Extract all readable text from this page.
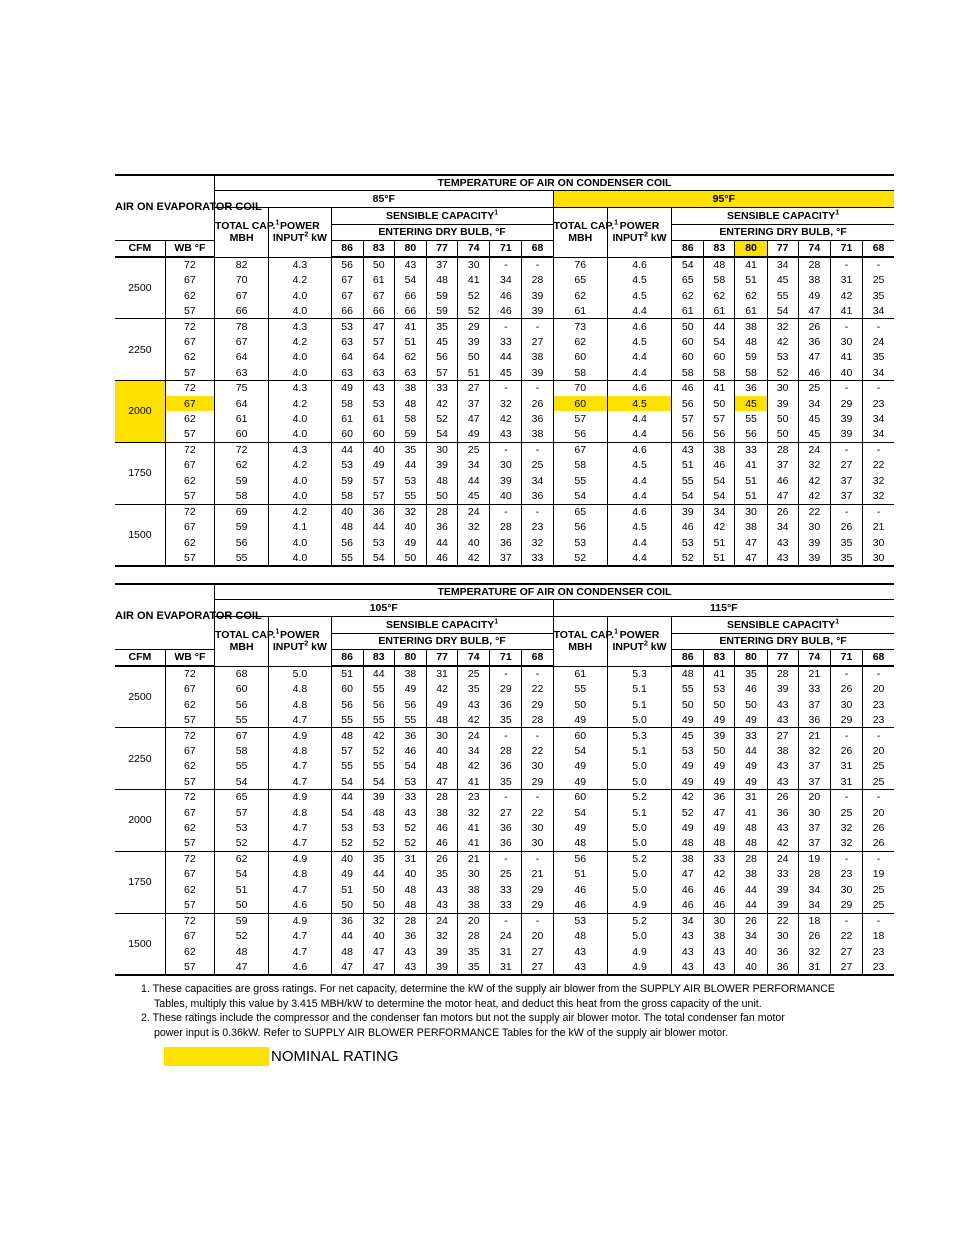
AIR ON EVAPORATOR COIL		TEMPERATURE OF AIR ON CONDENSER COIL																	
		85°F									95°F								
		TOTAL CAP.$^1$
MBH	POWER
INPUT$^2$ kW	SENSIBLE CAPACITY$^1$							TOTAL CAP.$^1$
MBH	POWER
INPUT$^2$ kW	SENSIBLE CAPACITY$^1$
				ENTERING DRY BULB, °F									ENTERING DRY BULB, °F						
CFM	WB °F			86	83	80	77	74	71	68			86	83	80	77	74	71	68
2500	72	82	4.3	56	50	43	37	30	-	-	76	4.6	54	48	41	34	28	-	-
	67	70	4.2	67	61	54	48	41	34	28	65	4.5	65	58	51	45	38	31	25
	62	67	4.0	67	67	66	59	52	46	39	62	4.5	62	62	62	55	49	42	35
	57	66	4.0	66	66	66	59	52	46	39	61	4.4	61	61	61	54	47	41	34
2250	72	78	4.3	53	47	41	35	29	-	-	73	4.6	50	44	38	32	26	-	-
	67	67	4.2	63	57	51	45	39	33	27	62	4.5	60	54	48	42	36	30	24
	62	64	4.0	64	64	62	56	50	44	38	60	4.4	60	60	59	53	47	41	35
	57	63	4.0	63	63	63	57	51	45	39	58	4.4	58	58	58	52	46	40	34
2000	72	75	4.3	49	43	38	33	27	-	-	70	4.6	46	41	36	30	25	-	-
	67	64	4.2	58	53	48	42	37	32	26	60	4.5	56	50	45	39	34	29	23
	62	61	4.0	61	61	58	52	47	42	36	57	4.4	57	57	55	50	45	39	34
	57	60	4.0	60	60	59	54	49	43	38	56	4.4	56	56	56	50	45	39	34
1750	72	72	4.3	44	40	35	30	25	-	-	67	4.6	43	38	33	28	24	-	-
	67	62	4.2	53	49	44	39	34	30	25	58	4.5	51	46	41	37	32	27	22
	62	59	4.0	59	57	53	48	44	39	34	55	4.4	55	54	51	46	42	37	32
	57	58	4.0	58	57	55	50	45	40	36	54	4.4	54	54	51	47	42	37	32
1500	72	69	4.2	40	36	32	28	24	-	-	65	4.6	39	34	30	26	22	-	-
	67	59	4.1	48	44	40	36	32	28	23	56	4.5	46	42	38	34	30	26	21
	62	56	4.0	56	53	49	44	40	36	32	53	4.4	53	51	47	43	39	35	30
	57	55	4.0	55	54	50	46	42	37	33	52	4.4	52	51	47	43	39	35	30
AIR ON EVAPORATOR COIL		TEMPERATURE OF AIR ON CONDENSER COIL																	
		105°F									115°F								
		TOTAL CAP.$^1$
MBH	POWER
INPUT$^2$ kW	SENSIBLE CAPACITY$^1$							TOTAL CAP.$^1$
MBH	POWER
INPUT$^2$ kW	SENSIBLE CAPACITY$^1$
				ENTERING DRY BULB, °F									ENTERING DRY BULB, °F						
CFM	WB °F			86	83	80	77	74	71	68			86	83	80	77	74	71	68
2500	72	68	5.0	51	44	38	31	25	-	-	61	5.3	48	41	35	28	21	-	-
	67	60	4.8	60	55	49	42	35	29	22	55	5.1	55	53	46	39	33	26	20
	62	56	4.8	56	56	56	49	43	36	29	50	5.1	50	50	50	43	37	30	23
	57	55	4.7	55	55	55	48	42	35	28	49	5.0	49	49	49	43	36	29	23
2250	72	67	4.9	48	42	36	30	24	-	-	60	5.3	45	39	33	27	21	-	-
	67	58	4.8	57	52	46	40	34	28	22	54	5.1	53	50	44	38	32	26	20
	62	55	4.7	55	55	54	48	42	36	30	49	5.0	49	49	49	43	37	31	25
	57	54	4.7	54	54	53	47	41	35	29	49	5.0	49	49	49	43	37	31	25
2000	72	65	4.9	44	39	33	28	23	-	-	60	5.2	42	36	31	26	20	-	-
	67	57	4.8	54	48	43	38	32	27	22	54	5.1	52	47	41	36	30	25	20
	62	53	4.7	53	53	52	46	41	36	30	49	5.0	49	49	48	43	37	32	26
	57	52	4.7	52	52	52	46	41	36	30	48	5.0	48	48	48	42	37	32	26
1750	72	62	4.9	40	35	31	26	21	-	-	56	5.2	38	33	28	24	19	-	-
	67	54	4.8	49	44	40	35	30	25	21	51	5.0	47	42	38	33	28	23	19
	62	51	4.7	51	50	48	43	38	33	29	46	5.0	46	46	44	39	34	30	25
	57	50	4.6	50	50	48	43	38	33	29	46	4.9	46	46	44	39	34	29	25
1500	72	59	4.9	36	32	28	24	20	-	-	53	5.2	34	30	26	22	18	-	-
	67	52	4.7	44	40	36	32	28	24	20	48	5.0	43	38	34	30	26	22	18
	62	48	4.7	48	47	43	39	35	31	27	43	4.9	43	43	40	36	32	27	23
	57	47	4.6	47	47	43	39	35	31	27	43	4.9	43	43	40	36	31	27	23

1. These capacities are gross ratings. For net capacity, determine the kW of the supply air blower from the SUPPLY AIR BLOWER PERFORMANCE

Tables, multiply this value by 3.415 MBH/kW to determine the motor heat, and deduct this heat from the gross capacity of the unit.

2. These ratings include the compressor and the condenser fan motors but not the supply air blower motor. The total condenser fan motor

power input is 0.36kW. Refer to SUPPLY AIR BLOWER PERFORMANCE Tables for the kW of the supply air blower motor.

NOMINAL RATING
